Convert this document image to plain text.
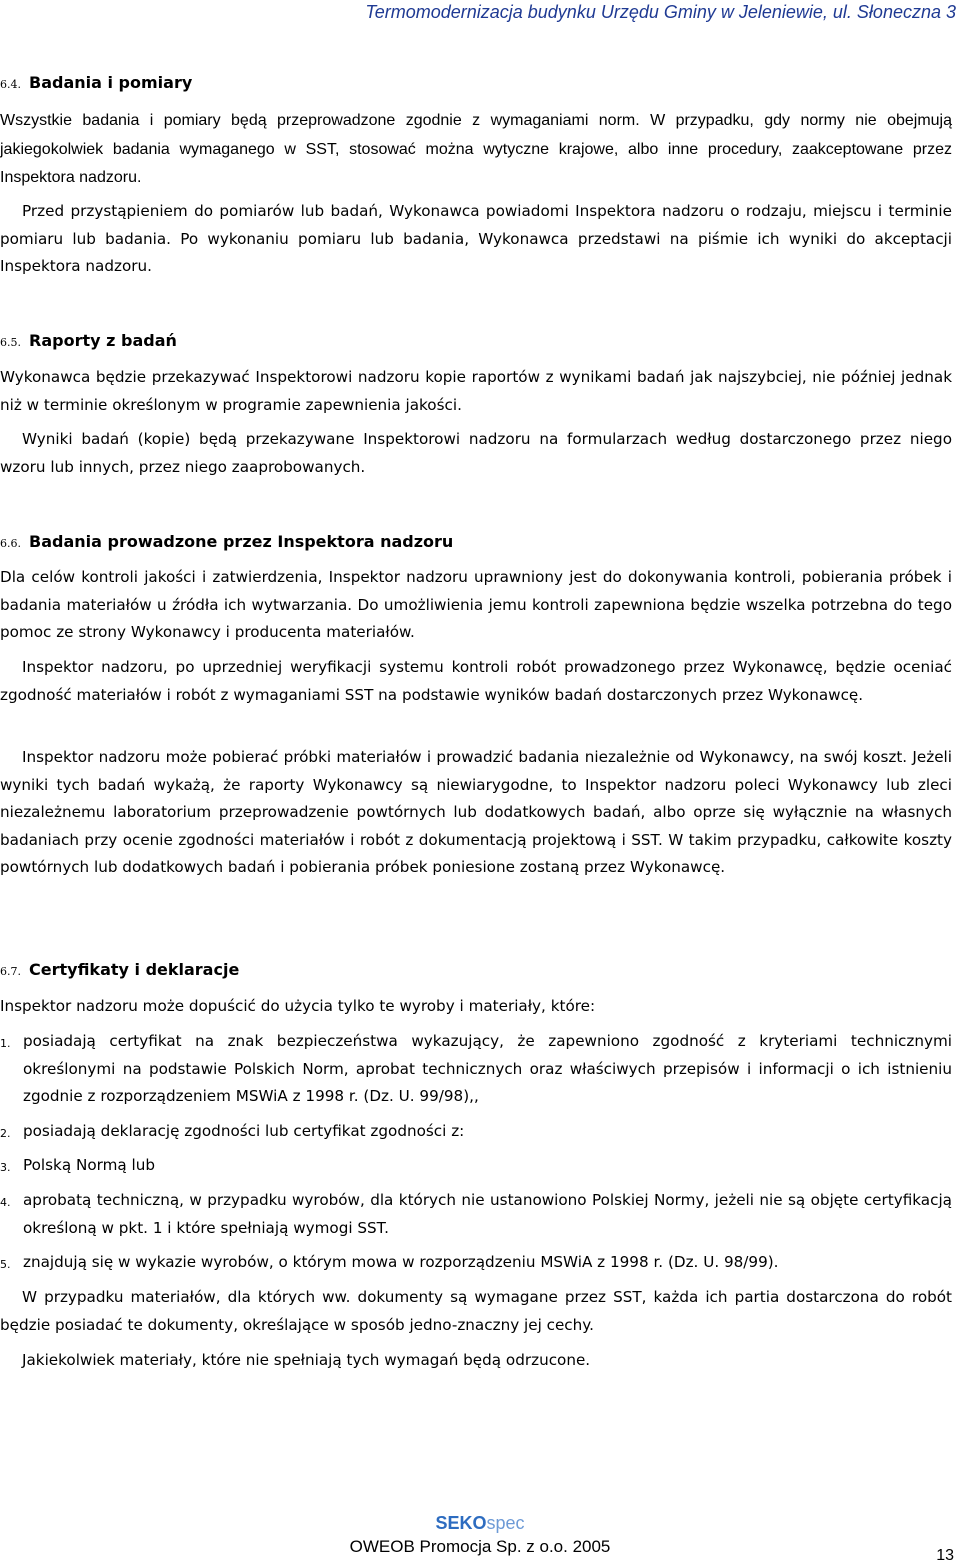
Termomodernizacja budynku Urzędu Gminy w Jeleniewie, ul. Słoneczna 3
6.4. Badania i pomiary
Wszystkie badania i pomiary będą przeprowadzone zgodnie z wymaganiami norm. W przypadku, gdy normy nie obejmują jakiegokolwiek badania wymaganego w SST, stosować można wytyczne krajowe, albo inne procedury, zaakceptowane przez Inspektora nadzoru.
Przed przystąpieniem do pomiarów lub badań, Wykonawca powiadomi Inspektora nadzoru o rodzaju, miejscu i terminie pomiaru lub badania. Po wykonaniu pomiaru lub badania, Wykonawca przedstawi na piśmie ich wyniki do akceptacji Inspektora nadzoru.
6.5. Raporty z badań
Wykonawca będzie przekazywać Inspektorowi nadzoru kopie raportów z wynikami badań jak najszybciej, nie później jednak niż w terminie określonym w programie zapewnienia jakości.
Wyniki badań (kopie) będą przekazywane Inspektorowi nadzoru na formularzach według dostarczonego przez niego wzoru lub innych, przez niego zaaprobowanych.
6.6. Badania prowadzone przez Inspektora nadzoru
Dla celów kontroli jakości i zatwierdzenia, Inspektor nadzoru uprawniony jest do dokonywania kontroli, pobierania próbek i badania materiałów u źródła ich wytwarzania. Do umożliwienia jemu kontroli zapewniona będzie wszelka potrzebna do tego pomoc ze strony Wykonawcy i producenta materiałów.
Inspektor nadzoru, po uprzedniej weryfikacji systemu kontroli robót prowadzonego przez Wykonawcę, będzie oceniać zgodność materiałów i robót z wymaganiami SST na podstawie wyników badań dostarczonych przez Wykonawcę.
Inspektor nadzoru może pobierać próbki materiałów i prowadzić badania niezależnie od Wykonawcy, na swój koszt. Jeżeli wyniki tych badań wykażą, że raporty Wykonawcy są niewiarygodne, to Inspektor nadzoru poleci Wykonawcy lub zleci niezależnemu laboratorium przeprowadzenie powtórnych lub dodatkowych badań, albo oprze się wyłącznie na własnych badaniach przy ocenie zgodności materiałów i robót z dokumentacją projektową i SST. W takim przypadku, całkowite koszty powtórnych lub dodatkowych badań i pobierania próbek poniesione zostaną przez Wykonawcę.
6.7. Certyfikaty i deklaracje
Inspektor nadzoru może dopuścić do użycia tylko te wyroby i materiały, które:
1. posiadają certyfikat na znak bezpieczeństwa wykazujący, że zapewniono zgodność z kryteriami technicznymi określonymi na podstawie Polskich Norm, aprobat technicznych oraz właściwych przepisów i informacji o ich istnieniu zgodnie z rozporządzeniem MSWiA z 1998 r. (Dz. U. 99/98),,
2. posiadają deklarację zgodności lub certyfikat zgodności z:
3. Polską Normą lub
4. aprobatą techniczną, w przypadku wyrobów, dla których nie ustanowiono Polskiej Normy, jeżeli nie są objęte certyfikacją określoną w pkt. 1 i które spełniają wymogi SST.
5. znajdują się w wykazie wyrobów, o którym mowa w rozporządzeniu MSWiA z 1998 r. (Dz. U. 98/99).
W przypadku materiałów, dla których ww. dokumenty są wymagane przez SST, każda ich partia dostarczona do robót będzie posiadać te dokumenty, określające w sposób jedno-znaczny jej cechy.
Jakiekolwiek materiały, które nie spełniają tych wymagań będą odrzucone.
SEKOspec
OWEOB Promocja Sp. z o.o. 2005	13
